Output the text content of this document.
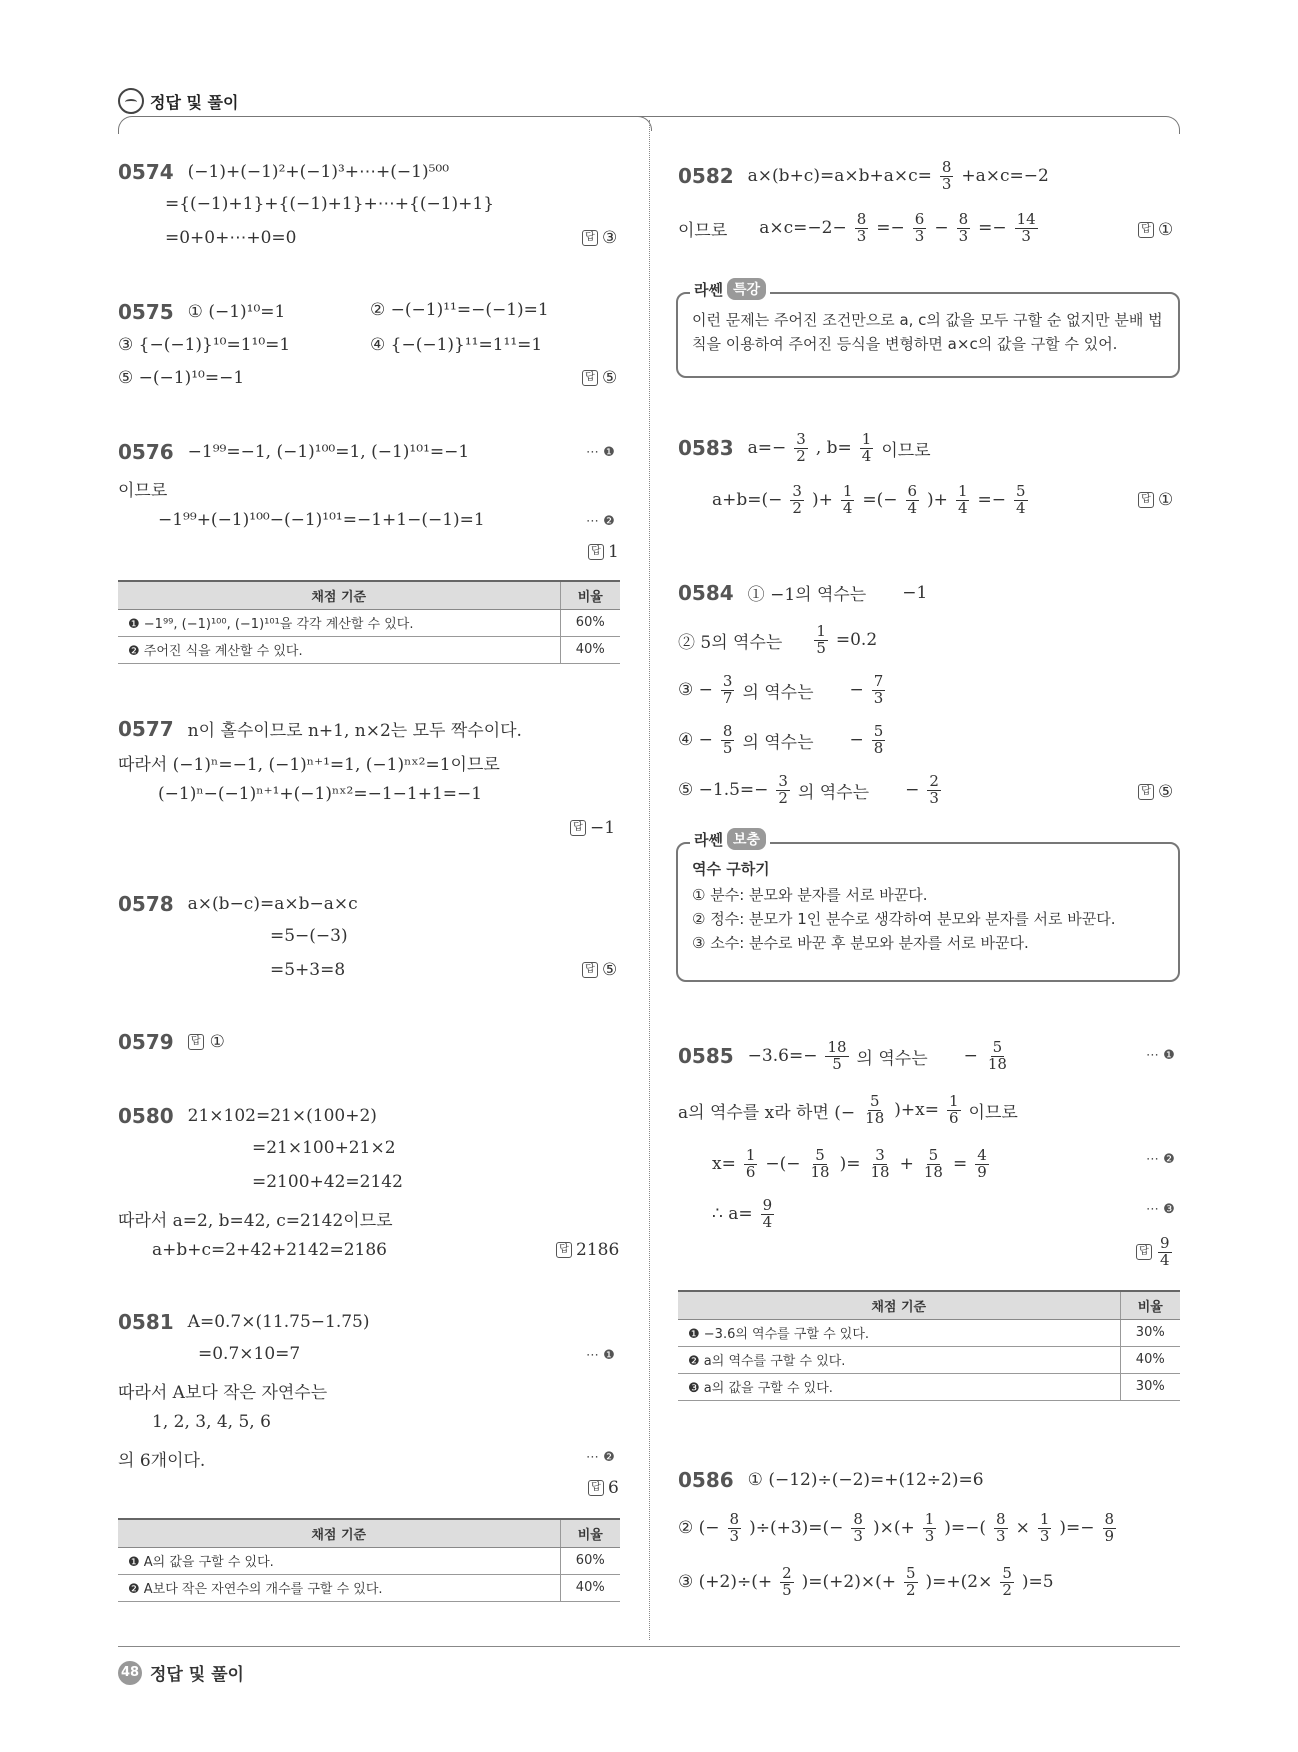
정답 및 풀이
0574 (−1)+(−1)²+(−1)³+⋯+(−1)⁵⁰⁰
={(−1)+1}+{(−1)+1}+⋯+{(−1)+1}
=0+0+⋯+0=0	답 ③
0575 ① (−1)¹⁰=1	② −(−1)¹¹=−(−1)=1
③ {−(−1)}¹⁰=1¹⁰=1	④ {−(−1)}¹¹=1¹¹=1
⑤ −(−1)¹⁰=−1	답 ⑤
0576 −1⁹⁹=−1, (−1)¹⁰⁰=1, (−1)¹⁰¹=−1	⋯ ❶
이므로
−1⁹⁹+(−1)¹⁰⁰−(−1)¹⁰¹=−1+1−(−1)=1	⋯ ❷
답 1
채점 기준	비율
❶ −1⁹⁹, (−1)¹⁰⁰, (−1)¹⁰¹을 각각 계산할 수 있다.	60%
❷ 주어진 식을 계산할 수 있다.	40%
0577 n이 홀수이므로 n+1, n×2는 모두 짝수이다.
따라서 (−1)ⁿ=−1, (−1)ⁿ⁺¹=1, (−1)ⁿˣ²=1이므로
(−1)ⁿ−(−1)ⁿ⁺¹+(−1)ⁿˣ²=−1−1+1=−1
답 −1
0578 a×(b−c)=a×b−a×c
=5−(−3)
=5+3=8	답 ⑤
0579	답 ①
0580 21×102=21×(100+2)
=21×100+21×2
=2100+42=2142
따라서 a=2, b=42, c=2142이므로
a+b+c=2+42+2142=2186	답 2186
0581 A=0.7×(11.75−1.75)
=0.7×10=7	⋯ ❶
따라서 A보다 작은 자연수는
1, 2, 3, 4, 5, 6
의 6개이다.	⋯ ❷
답 6
채점 기준	비율
❶ A의 값을 구할 수 있다.	60%
❷ A보다 작은 자연수의 개수를 구할 수 있다.	40%
0582 $a\times(b+c)=a\times b+a\times c= \frac{8}{3} +a\times c=-2$
이므로 $a\times c=-2- \frac{8}{3} =- \frac{6}{3} - \frac{8}{3} =- \frac{14}{3}$	답 ①
라쎈 특강
이런 문제는 주어진 조건만으로 a, c의 값을 모두 구할 순 없지만 분배 법칙을 이용하여 주어진 등식을 변형하면 a×c의 값을 구할 수 있어.
0583 $a=- \frac{3}{2}$ , $b= \frac{1}{4}$ 이므로
$a+b=(- \frac{3}{2}$ )+ $\frac{1}{4}$ =(− $\frac{6}{4}$ )+ $\frac{1}{4} =- \frac{5}{4}$	답 ①
0584 ① −1의 역수는 −1
② 5의 역수는 $\frac{1}{5} =0.2$
③ − $\frac{3}{7}$ 의 역수는 − $\frac{7}{3}$
④ − $\frac{8}{5}$ 의 역수는 − $\frac{5}{8}$
⑤ $-1.5=- \frac{3}{2}$ 의 역수는 − $\frac{2}{3}$	답 ⑤
라쎈 보충
역수 구하기
① 분수: 분모와 분자를 서로 바꾼다.
② 정수: 분모가 1인 분수로 생각하여 분모와 분자를 서로 바꾼다.
③ 소수: 분수로 바꾼 후 분모와 분자를 서로 바꾼다.
$0585 -3.6=- \frac{18}{5}$ 의 역수는 − $\frac{5}{18}$	⋯ ❶
a의 역수를 x라 하면 (− $\frac{5}{18} )+x= \frac{1}{6}$ 이므로
$x= \frac{1}{6}$ −(− $\frac{5}{18}$ )= $\frac{3}{18} + \frac{5}{18} = \frac{4}{9}$	⋯ ❷
∴ $a= \frac{9}{4}$	⋯ ❸
답 $\frac{9}{4}$
채점 기준	비율
❶ −3.6의 역수를 구할 수 있다.	30%
❷ a의 역수를 구할 수 있다.	40%
❸ a의 값을 구할 수 있다.	30%
0586 ① (−12)÷(−2)=+(12÷2)=6
② (− $\frac{8}{3} )\div(+3)=(- \frac{8}{3}$ )×(+ $\frac{1}{3}$ )=−( $\frac{8}{3} \times \frac{1}{3}$ )=− $\frac{8}{9}$
③ $(+2)\div(+ \frac{2}{5} )=(+2)\times(+ \frac{5}{2} )=+(2\times \frac{5}{2} )=5$
48 정답 및 풀이
